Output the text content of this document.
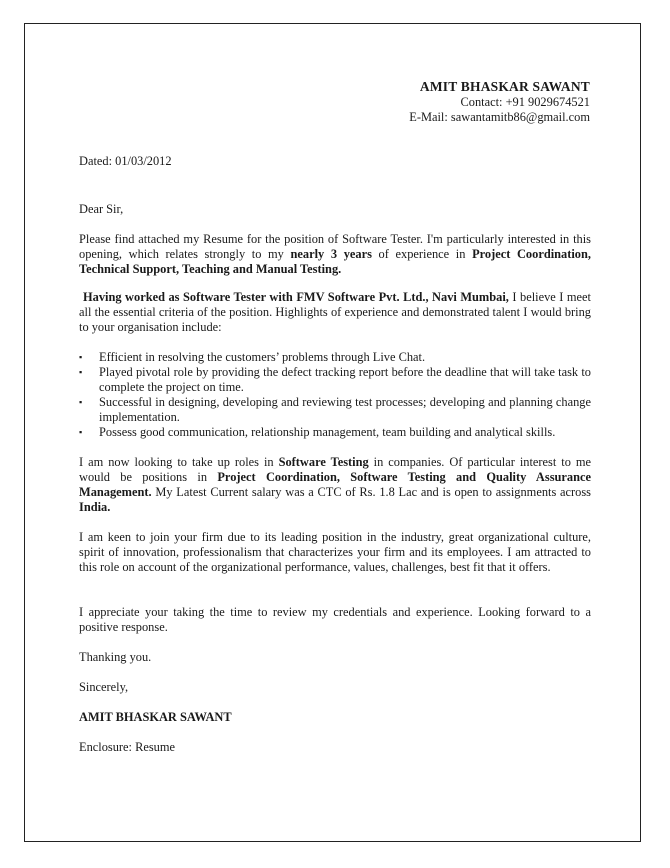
AMIT BHASKAR SAWANT
Contact: +91 9029674521
E-Mail: sawantamitb86@gmail.com

Dated: 01/03/2012

Dear Sir,

Please find attached my Resume for the position of Software Tester. I'm particularly interested in this opening, which relates strongly to my nearly 3 years of experience in Project Coordination, Technical Support, Teaching and Manual Testing.

Having worked as Software Tester with FMV Software Pvt. Ltd., Navi Mumbai, I believe I meet all the essential criteria of the position. Highlights of experience and demonstrated talent I would bring to your organisation include:

▪
Efficient in resolving the customers’ problems through Live Chat.
▪
Played pivotal role by providing the defect tracking report before the deadline that will take task to complete the project on time.
▪
Successful in designing, developing and reviewing test processes; developing and planning change implementation.
▪
Possess good communication, relationship management, team building and analytical skills.

I am now looking to take up roles in Software Testing in companies. Of particular interest to me would be positions in Project Coordination, Software Testing and Quality Assurance Management. My Latest Current salary was a CTC of Rs. 1.8 Lac and is open to assignments across India.

I am keen to join your firm due to its leading position in the industry, great organizational culture, spirit of innovation, professionalism that characterizes your firm and its employees. I am attracted to this role on account of the organizational performance, values, challenges, best fit that it offers.

I appreciate your taking the time to review my credentials and experience. Looking forward to a positive response.

Thanking you.

Sincerely,

AMIT BHASKAR SAWANT

Enclosure: Resume
